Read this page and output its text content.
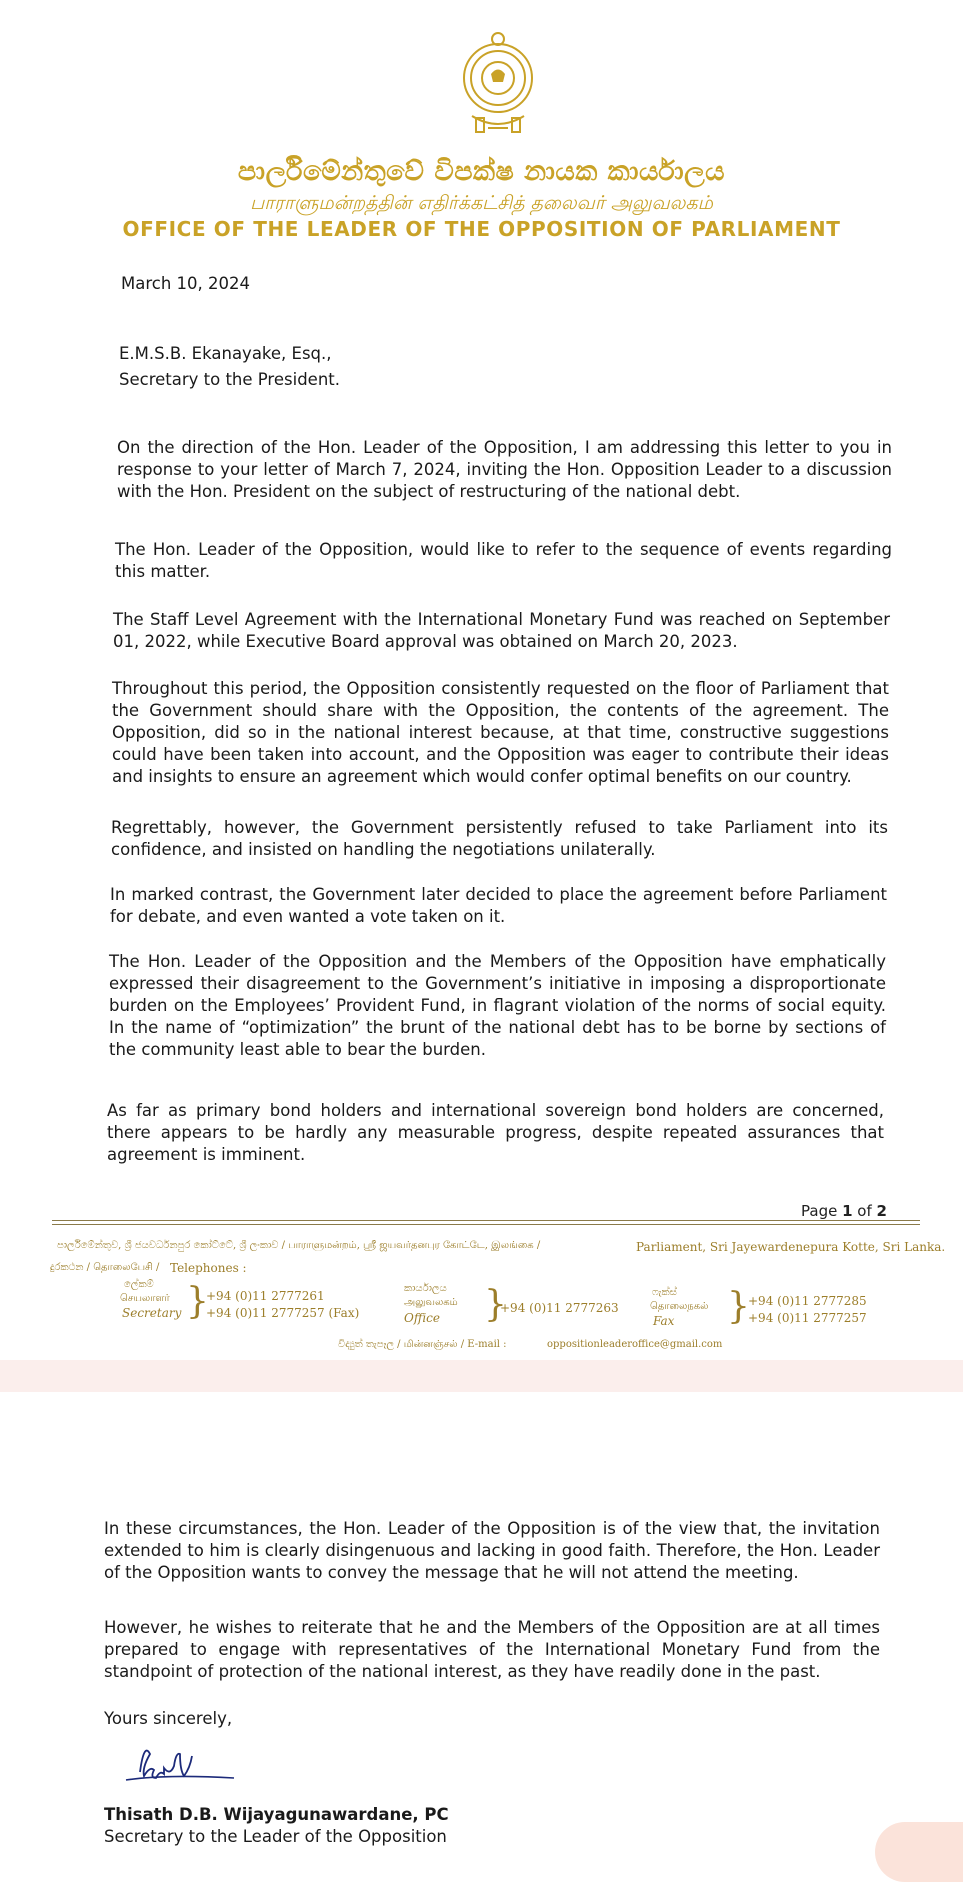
පාර්ලිමේන්තුවේ විපක්ෂ නායක කාර්යාලය
பாராளுமன்றத்தின் எதிர்க்கட்சித் தலைவர் அலுவலகம்
OFFICE OF THE LEADER OF THE OPPOSITION OF PARLIAMENT
March 10, 2024
E.M.S.B. Ekanayake, Esq.,
Secretary to the President.
On the direction of the Hon. Leader of the Opposition, I am addressing this letter to you in response to your letter of March 7, 2024, inviting the Hon. Opposition Leader to a discussion with the Hon. President on the subject of restructuring of the national debt.
The Hon. Leader of the Opposition, would like to refer to the sequence of events regarding this matter.
The Staff Level Agreement with the International Monetary Fund was reached on September 01, 2022, while Executive Board approval was obtained on March 20, 2023.
Throughout this period, the Opposition consistently requested on the floor of Parliament that the Government should share with the Opposition, the contents of the agreement. The Opposition, did so in the national interest because, at that time, constructive suggestions could have been taken into account, and the Opposition was eager to contribute their ideas and insights to ensure an agreement which would confer optimal benefits on our country.
Regrettably, however, the Government persistently refused to take Parliament into its confidence, and insisted on handling the negotiations unilaterally.
In marked contrast, the Government later decided to place the agreement before Parliament for debate, and even wanted a vote taken on it.
The Hon. Leader of the Opposition and the Members of the Opposition have emphatically expressed their disagreement to the Government’s initiative in imposing a disproportionate burden on the Employees’ Provident Fund, in flagrant violation of the norms of social equity. In the name of “optimization” the brunt of the national debt has to be borne by sections of the community least able to bear the burden.
As far as primary bond holders and international sovereign bond holders are concerned, there appears to be hardly any measurable progress, despite repeated assurances that agreement is imminent.
Page 1 of 2
පාර්ලිමේන්තුව, ශ්‍රී ජයවර්ධනපුර කෝට්ටේ, ශ්‍රී ලංකාව / பாராளுமன்றம், ஸ்ரீ ஜயவர்தனபுர கோட்டே, இலங்கை /	Parliament, Sri Jayewardenepura Kotte, Sri Lanka.
දුරකථන / தொலைபேசி / Telephones :
ලේකම්
செயலாளர்
Secretary }
+94 (0)11 2777261
+94 (0)11 2777257 (Fax)
කාර්යාලය
அலுவலகம்
Office }
+94 (0)11 2777263
ෆැක්ස්
தொலைநகல்
Fax }
+94 (0)11 2777285
+94 (0)11 2777257
විද්‍යුත් තැපෑල / மின்னஞ்சல் / E-mail :	oppositionleaderoffice@gmail.com
In these circumstances, the Hon. Leader of the Opposition is of the view that, the invitation extended to him is clearly disingenuous and lacking in good faith. Therefore, the Hon. Leader of the Opposition wants to convey the message that he will not attend the meeting.
However, he wishes to reiterate that he and the Members of the Opposition are at all times prepared to engage with representatives of the International Monetary Fund from the standpoint of protection of the national interest, as they have readily done in the past.
Yours sincerely,
Thisath D.B. Wijayagunawardane, PC
Secretary to the Leader of the Opposition
